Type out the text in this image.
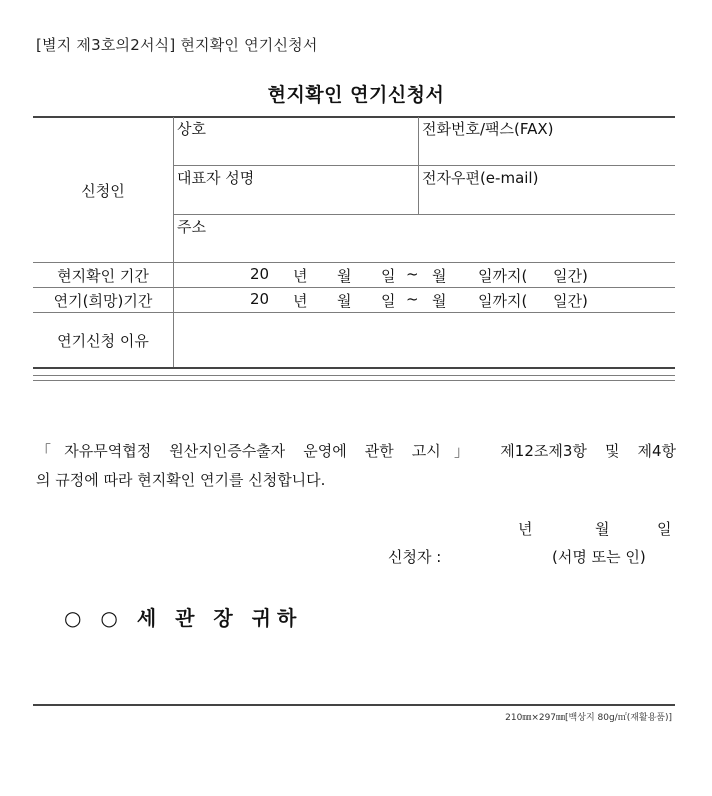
[별지 제3호의2서식] 현지확인 연기신청서
현지확인 연기신청서
신청인
상호	전화번호/팩스(FAX)
대표자 성명	전자우편(e-mail)
주소
현지확인 기간	20 년 월 일 ~ 월 일까지( 일간)
연기(희망)기간	20 년 월 일 ~ 월 일까지( 일간)
연기신청 이유
「자유무역협정 원산지인증수출자 운영에 관한 고시」 제12조제3항 및 제4항
의 규정에 따라 현지확인 연기를 신청합니다.
년	월	일
신청자 :	(서명 또는 인)
○ ○ 세 관 장 귀하
210㎜×297㎜[백상지 80g/㎡(재활용품)]
